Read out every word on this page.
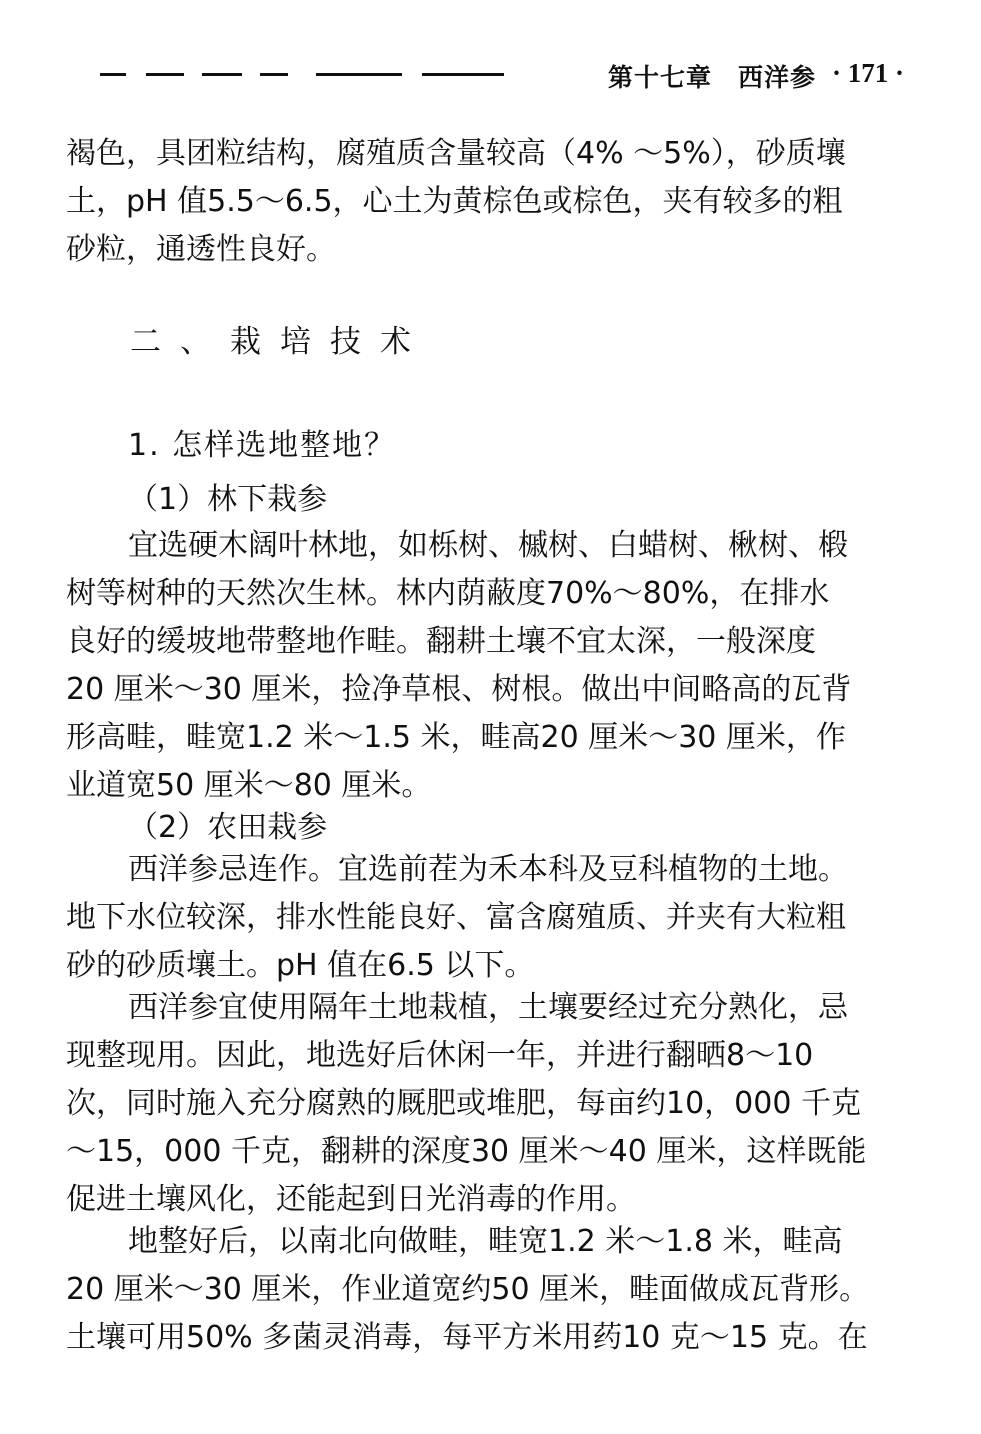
第十七章　西洋参 · 171 ·
褐色，具团粒结构，腐殖质含量较高（4% ～5%），砂质壤
土，pH 值5.5～6.5，心土为黄棕色或棕色，夹有较多的粗
砂粒，通透性良好。
二、栽培技术
1. 怎样选地整地？
（1）林下栽参
宜选硬木阔叶林地，如栎树、槭树、白蜡树、楸树、椴
树等树种的天然次生林。林内荫蔽度70%～80%，在排水
良好的缓坡地带整地作畦。翻耕土壤不宜太深，一般深度
20 厘米～30 厘米，捡净草根、树根。做出中间略高的瓦背
形高畦，畦宽1.2 米～1.5 米，畦高20 厘米～30 厘米，作
业道宽50 厘米～80 厘米。
（2）农田栽参
西洋参忌连作。宜选前茬为禾本科及豆科植物的土地。
地下水位较深，排水性能良好、富含腐殖质、并夹有大粒粗
砂的砂质壤土。pH 值在6.5 以下。
西洋参宜使用隔年土地栽植，土壤要经过充分熟化，忌
现整现用。因此，地选好后休闲一年，并进行翻晒8～10
次，同时施入充分腐熟的厩肥或堆肥，每亩约10，000 千克
～15，000 千克，翻耕的深度30 厘米～40 厘米，这样既能
促进土壤风化，还能起到日光消毒的作用。
地整好后，以南北向做畦，畦宽1.2 米～1.8 米，畦高
20 厘米～30 厘米，作业道宽约50 厘米，畦面做成瓦背形。
土壤可用50% 多菌灵消毒，每平方米用药10 克～15 克。在
